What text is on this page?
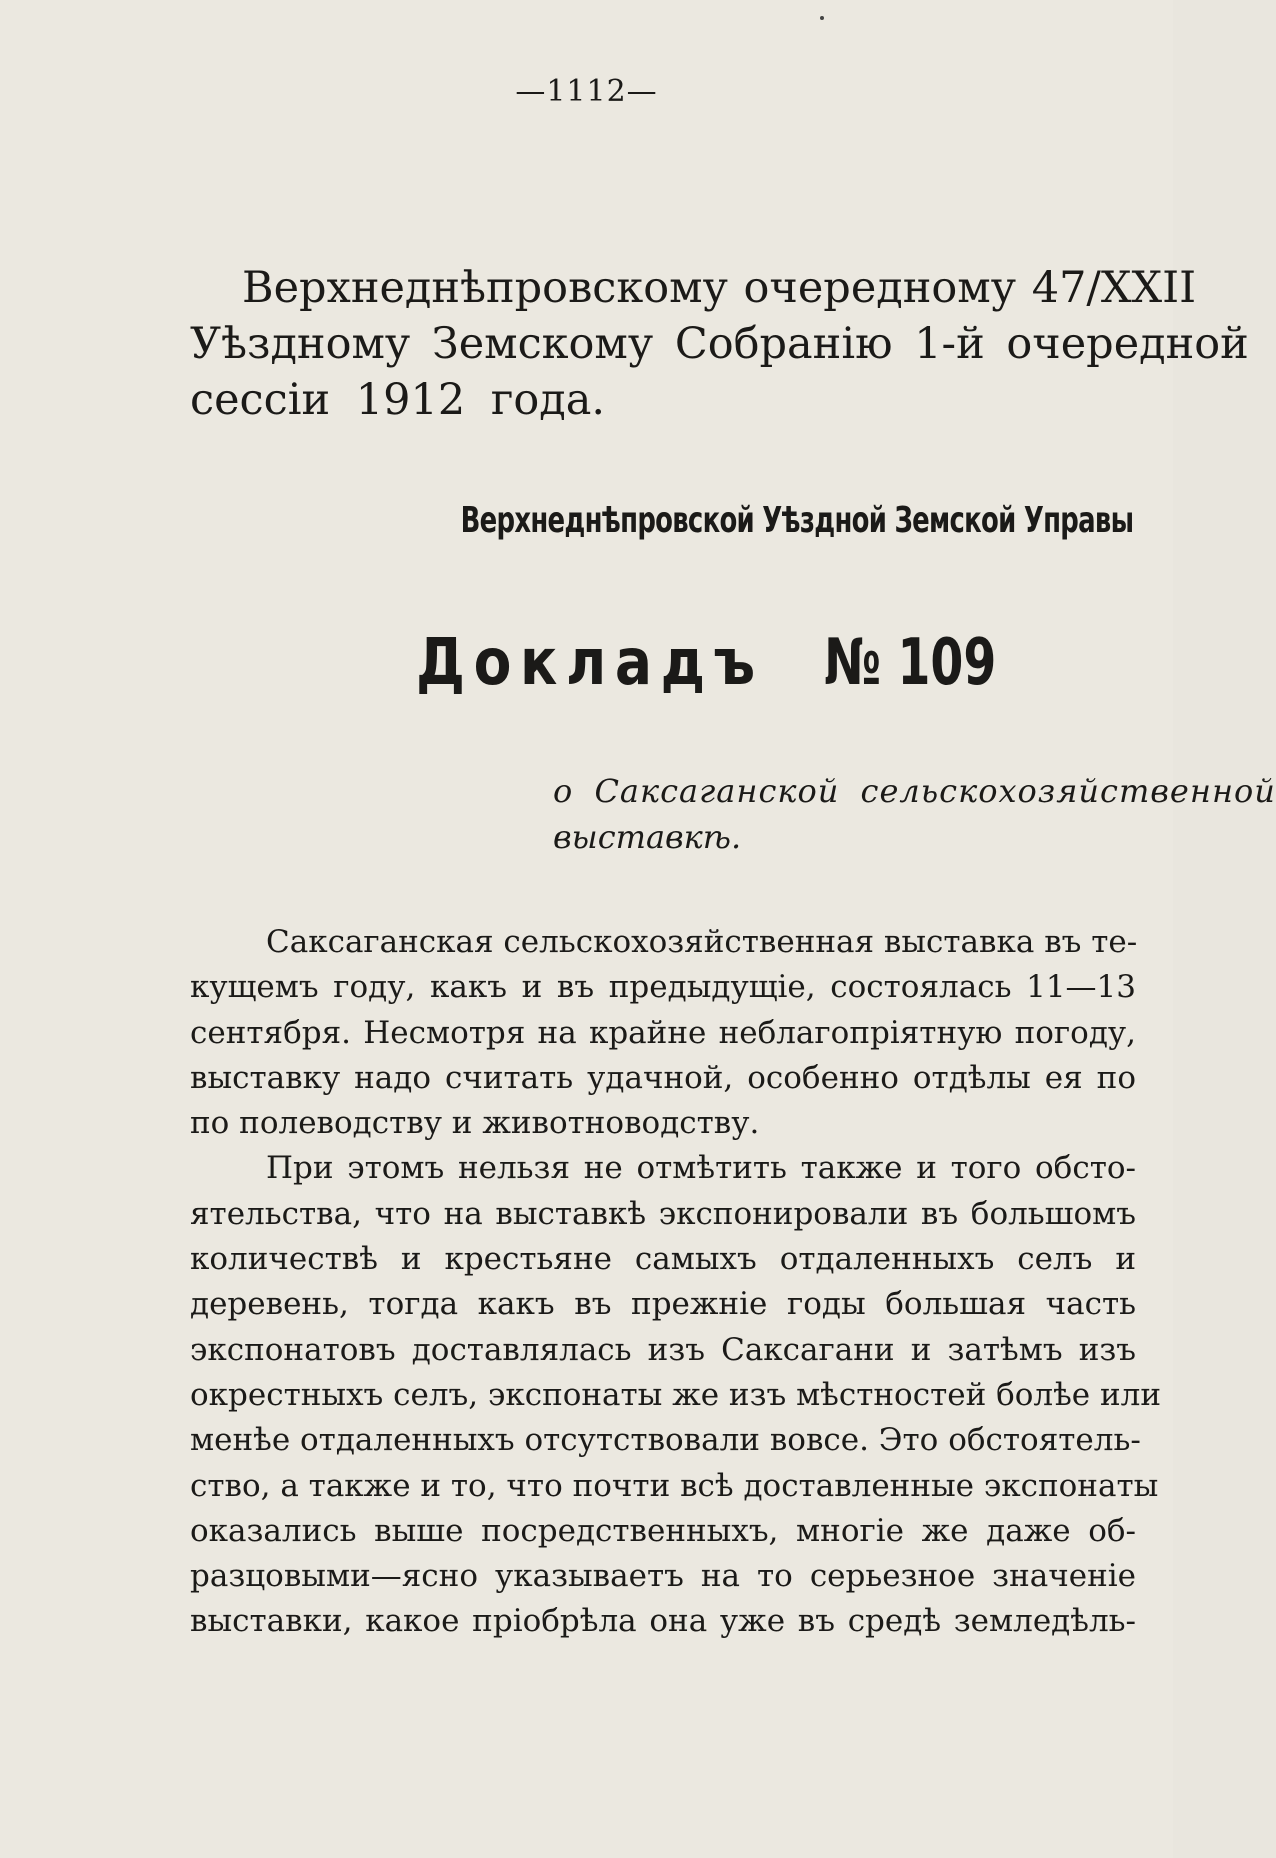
—1112—
Верхнеднѣпровскому очередному 47/XXII
Уѣздному Земскому Собранію 1-й очередной
сессіи 1912 года.
Верхнеднѣпровской Уѣздной Земской Управы
Докладъ № 109
о Саксаганской сельскохозяйственной
выставкѣ.
Саксаганская сельскохозяйственная выставка въ те-
кущемъ году, какъ и въ предыдущіе, состоялась 11—13
сентября. Несмотря на крайне неблагопріятную погоду,
выставку надо считать удачной, особенно отдѣлы ея по
по полеводству и животноводству.
При этомъ нельзя не отмѣтить также и того обсто-
ятельства, что на выставкѣ экспонировали въ большомъ
количествѣ и крестьяне самыхъ отдаленныхъ селъ и
деревень, тогда какъ въ прежніе годы большая часть
экспонатовъ доставлялась изъ Саксагани и затѣмъ изъ
окрестныхъ селъ, экспонаты же изъ мѣстностей болѣе или
менѣе отдаленныхъ отсутствовали вовсе. Это обстоятель-
ство, а также и то, что почти всѣ доставленные экспонаты
оказались выше посредственныхъ, многіе же даже об-
разцовыми—ясно указываетъ на то серьезное значеніе
выставки, какое пріобрѣла она уже въ средѣ земледѣль-
